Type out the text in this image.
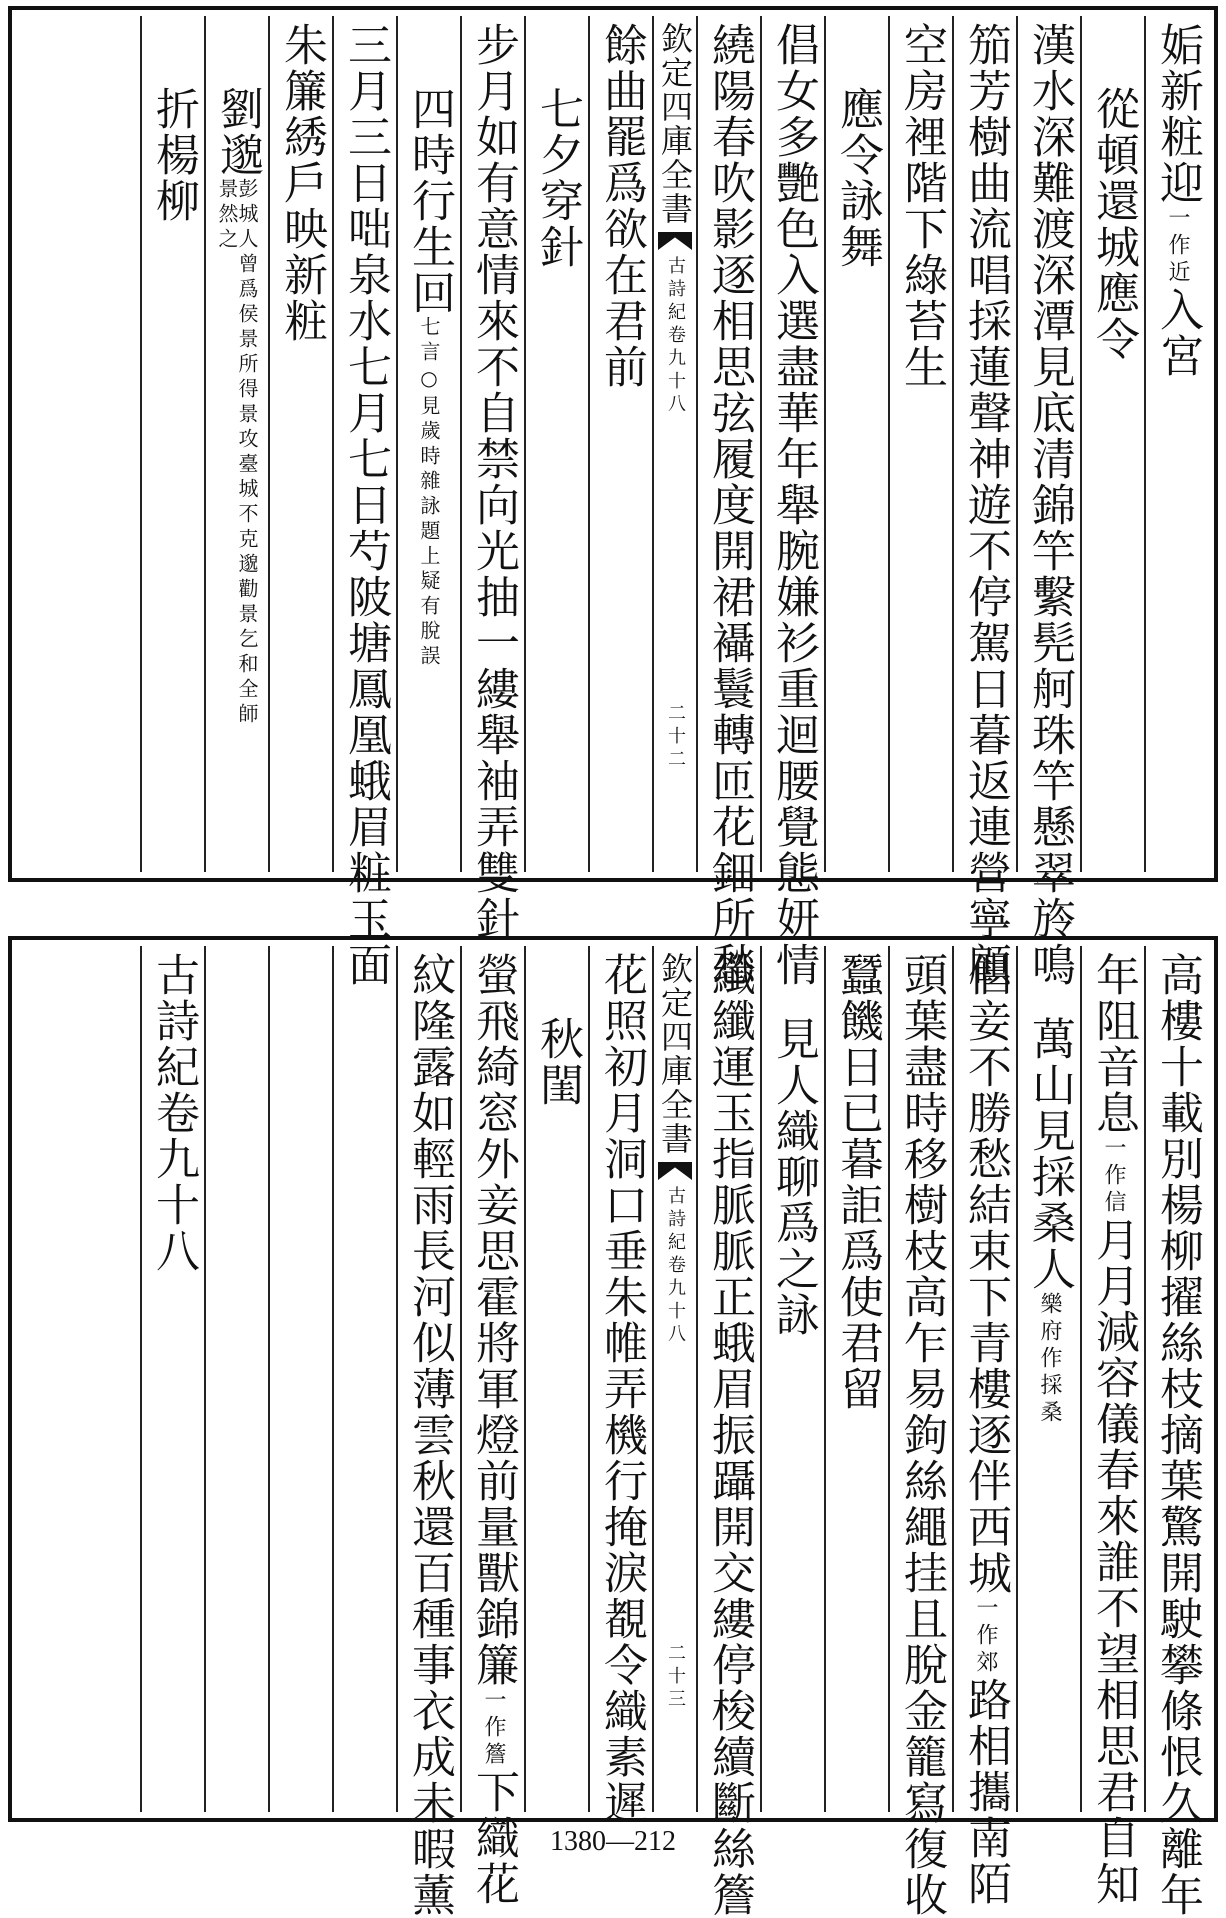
姤新粧迎
一作近
入宮
從頓還城應令
漢水深難渡深潭見底清錦竿繫髡舸珠竿懸翠旍鳴
笳芳樹曲流唱採蓮聲神遊不停駕日暮返連營寧顧
空房裡階下綠苔生
應令詠舞
倡女多艷色入選盡華年舉腕嫌衫重迴腰覺態妍情
繞陽春吹影逐相思弦履度開裙襵鬟轉匝花鈿所愁
欽定四庫全書
古詩紀卷九十八
二十二
餘曲罷爲欲在君前
七夕穿針
步月如有意情來不自禁向光抽一縷舉袖弄雙針
四時行生回
七言○見歲時雜詠題上疑有脫誤
三月三日咄泉水七月七日芍陂塘鳳凰蛾眉粧玉面
朱簾綉戶映新粧
劉邈
彭城人曾爲侯景所得景攻臺城不克邈勸景乞和全師景然之
折楊柳
高樓十載別楊柳擢絲枝摘葉驚開駛攀條恨久離年
年阻音息
一作信
月月減容儀春來誰不望相思君自知
萬山見採桑人
樂府作採桑
倡妾不勝愁結束下青樓逐伴西城
一作郊
路相攜南陌
頭葉盡時移樹枝高乍易鉤絲繩挂且脫金籠寫復收
蠶饑日已暮詎爲使君留
見人織聊爲之詠
纖纖運玉指脈脈正蛾眉振躡開交縷停梭續斷絲簷
欽定四庫全書
古詩紀卷九十八
二十三
花照初月洞口垂朱帷弄機行掩淚覩令織素遲
秋閨
螢飛綺窓外妾思霍將軍燈前量獸錦簾
一作簷
下織花
紋隆露如輕雨長河似薄雲秋還百種事衣成未暇薰
古詩紀卷九十八
1380—212
